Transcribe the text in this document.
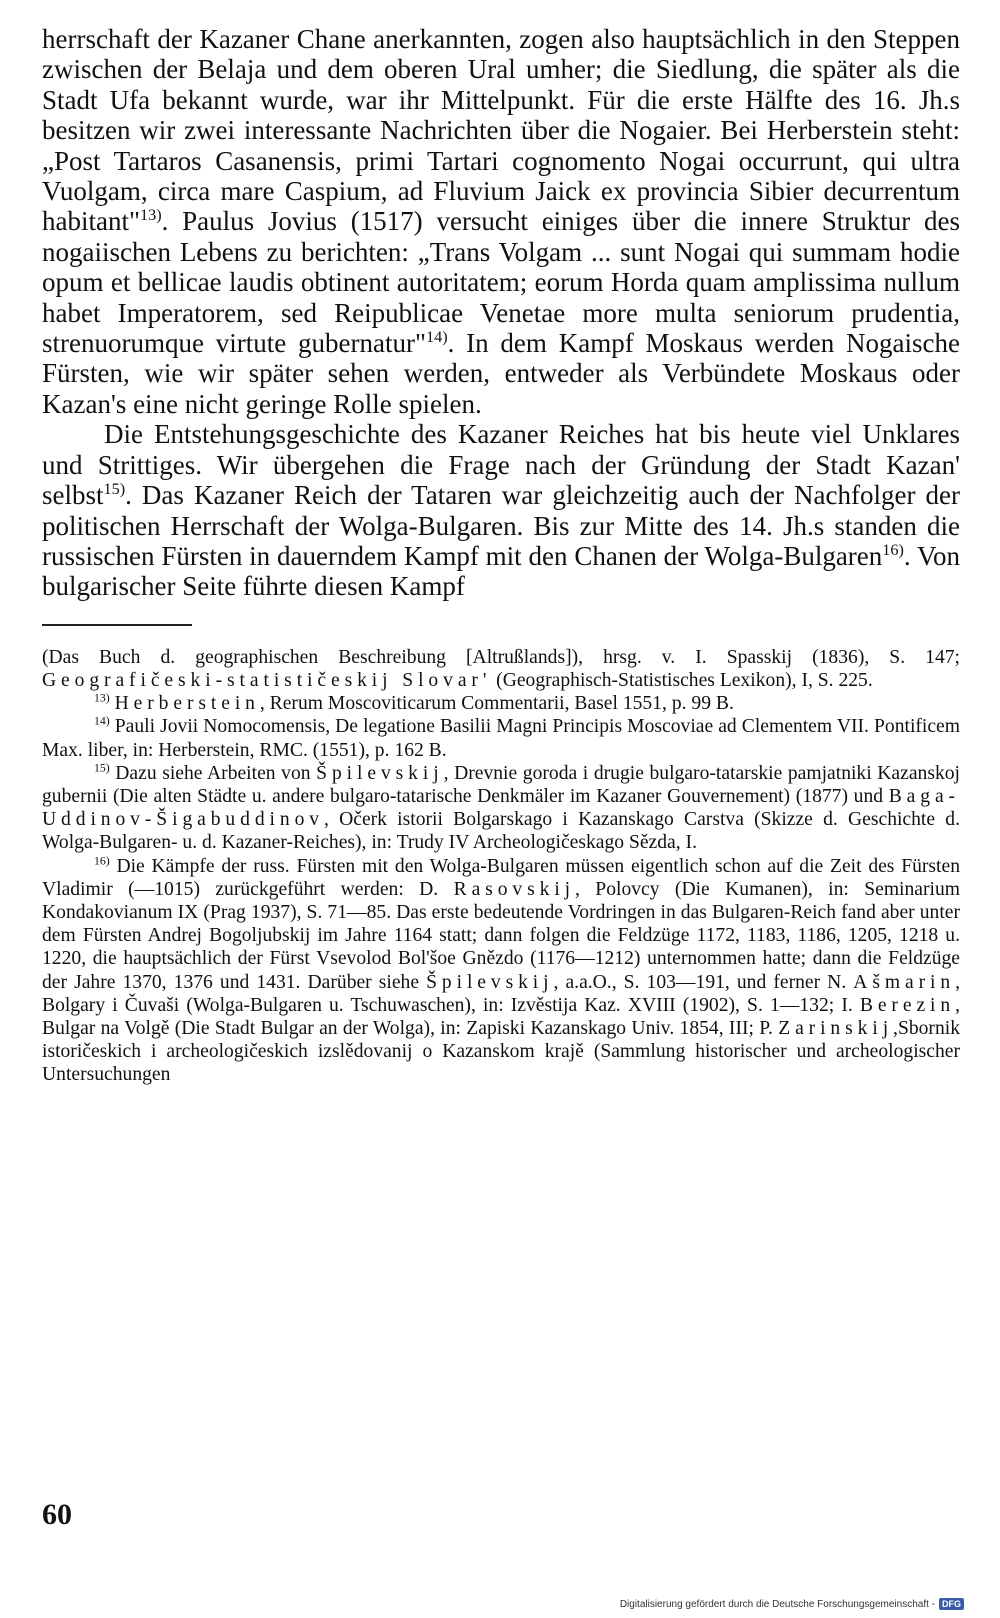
herrschaft der Kazaner Chane anerkannten, zogen also hauptsächlich in den Steppen zwischen der Belaja und dem oberen Ural umher; die Siedlung, die später als die Stadt Ufa bekannt wurde, war ihr Mittelpunkt. Für die erste Hälfte des 16. Jh.s besitzen wir zwei interessante Nachrichten über die Nogaier. Bei Herberstein steht: „Post Tartaros Casanensis, primi Tartari cognomento Nogai occurrunt, qui ultra Vuolgam, circa mare Caspium, ad Fluvium Jaick ex provincia Sibier decurrentum habitant"$^{13)}$. Paulus Jovius (1517) versucht einiges über die innere Struktur des nogaiischen Lebens zu berichten: „Trans Volgam ... sunt Nogai qui summam hodie opum et bellicae laudis obtinent autoritatem; eorum Horda quam amplissima nullum habet Imperatorem, sed Reipublicae Venetae more multa seniorum prudentia, strenuorumque virtute gubernatur"$^{14)}$. In dem Kampf Moskaus werden Nogaische Fürsten, wie wir später sehen werden, entweder als Verbündete Moskaus oder Kazan's eine nicht geringe Rolle spielen.

Die Entstehungsgeschichte des Kazaner Reiches hat bis heute viel Unklares und Strittiges. Wir übergehen die Frage nach der Gründung der Stadt Kazan' selbst$^{15)}$. Das Kazaner Reich der Tataren war gleichzeitig auch der Nachfolger der politischen Herrschaft der Wolga-Bulgaren. Bis zur Mitte des 14. Jh.s standen die russischen Fürsten in dauerndem Kampf mit den Chanen der Wolga-Bulgaren$^{16)}$. Von bulgarischer Seite führte diesen Kampf

(Das Buch d. geographischen Beschreibung [Altrußlands]), hrsg. v. I. Spasskij (1836), S. 147; Geografičeski-statističeskij Slovar' (Geographisch-Statistisches Lexikon), I, S. 225.

$^{13)}$ Herberstein, Rerum Moscoviticarum Commentarii, Basel 1551, p. 99 B.

$^{14)}$ Pauli Jovii Nomocomensis, De legatione Basilii Magni Principis Moscoviae ad Clementem VII. Pontificem Max. liber, in: Herberstein, RMC. (1551), p. 162 B.

$^{15)}$ Dazu siehe Arbeiten von Špilevskij, Drevnie goroda i drugie bulgaro-tatarskie pamjatniki Kazanskoj gubernii (Die alten Städte u. andere bulgaro-tatarische Denkmäler im Kazaner Gouvernement) (1877) und Baga-Uddinov-Šigabuddinov, Očerk istorii Bolgarskago i Kazanskago Carstva (Skizze d. Geschichte d. Wolga-Bulgaren- u. d. Kazaner-Reiches), in: Trudy IV Archeologičeskago Sězda, I.

$^{16)}$ Die Kämpfe der russ. Fürsten mit den Wolga-Bulgaren müssen eigentlich schon auf die Zeit des Fürsten Vladimir (—1015) zurückgeführt werden: D. Rasovskij, Polovcy (Die Kumanen), in: Seminarium Kondakovianum IX (Prag 1937), S. 71—85. Das erste bedeutende Vordringen in das Bulgaren-Reich fand aber unter dem Fürsten Andrej Bogoljubskij im Jahre 1164 statt; dann folgen die Feldzüge 1172, 1183, 1186, 1205, 1218 u. 1220, die hauptsächlich der Fürst Vsevolod Bol'šoe Gnězdo (1176—1212) unternommen hatte; dann die Feldzüge der Jahre 1370, 1376 und 1431. Darüber siehe Špilevskij, a.a.O., S. 103—191, und ferner N. Ašmarin, Bolgary i Čuvaši (Wolga-Bulgaren u. Tschuwaschen), in: Izvěstija Kaz. XVIII (1902), S. 1—132; I. Berezin, Bulgar na Volgě (Die Stadt Bulgar an der Wolga), in: Zapiski Kazanskago Univ. 1854, III; P. Zarinskij,Sbornik istoričeskich i archeologičeskich izslědovanij o Kazanskom krajě (Sammlung historischer und archeologischer Untersuchungen

60

Digitalisierung gefördert durch die Deutsche Forschungsgemeinschaft - DFG
